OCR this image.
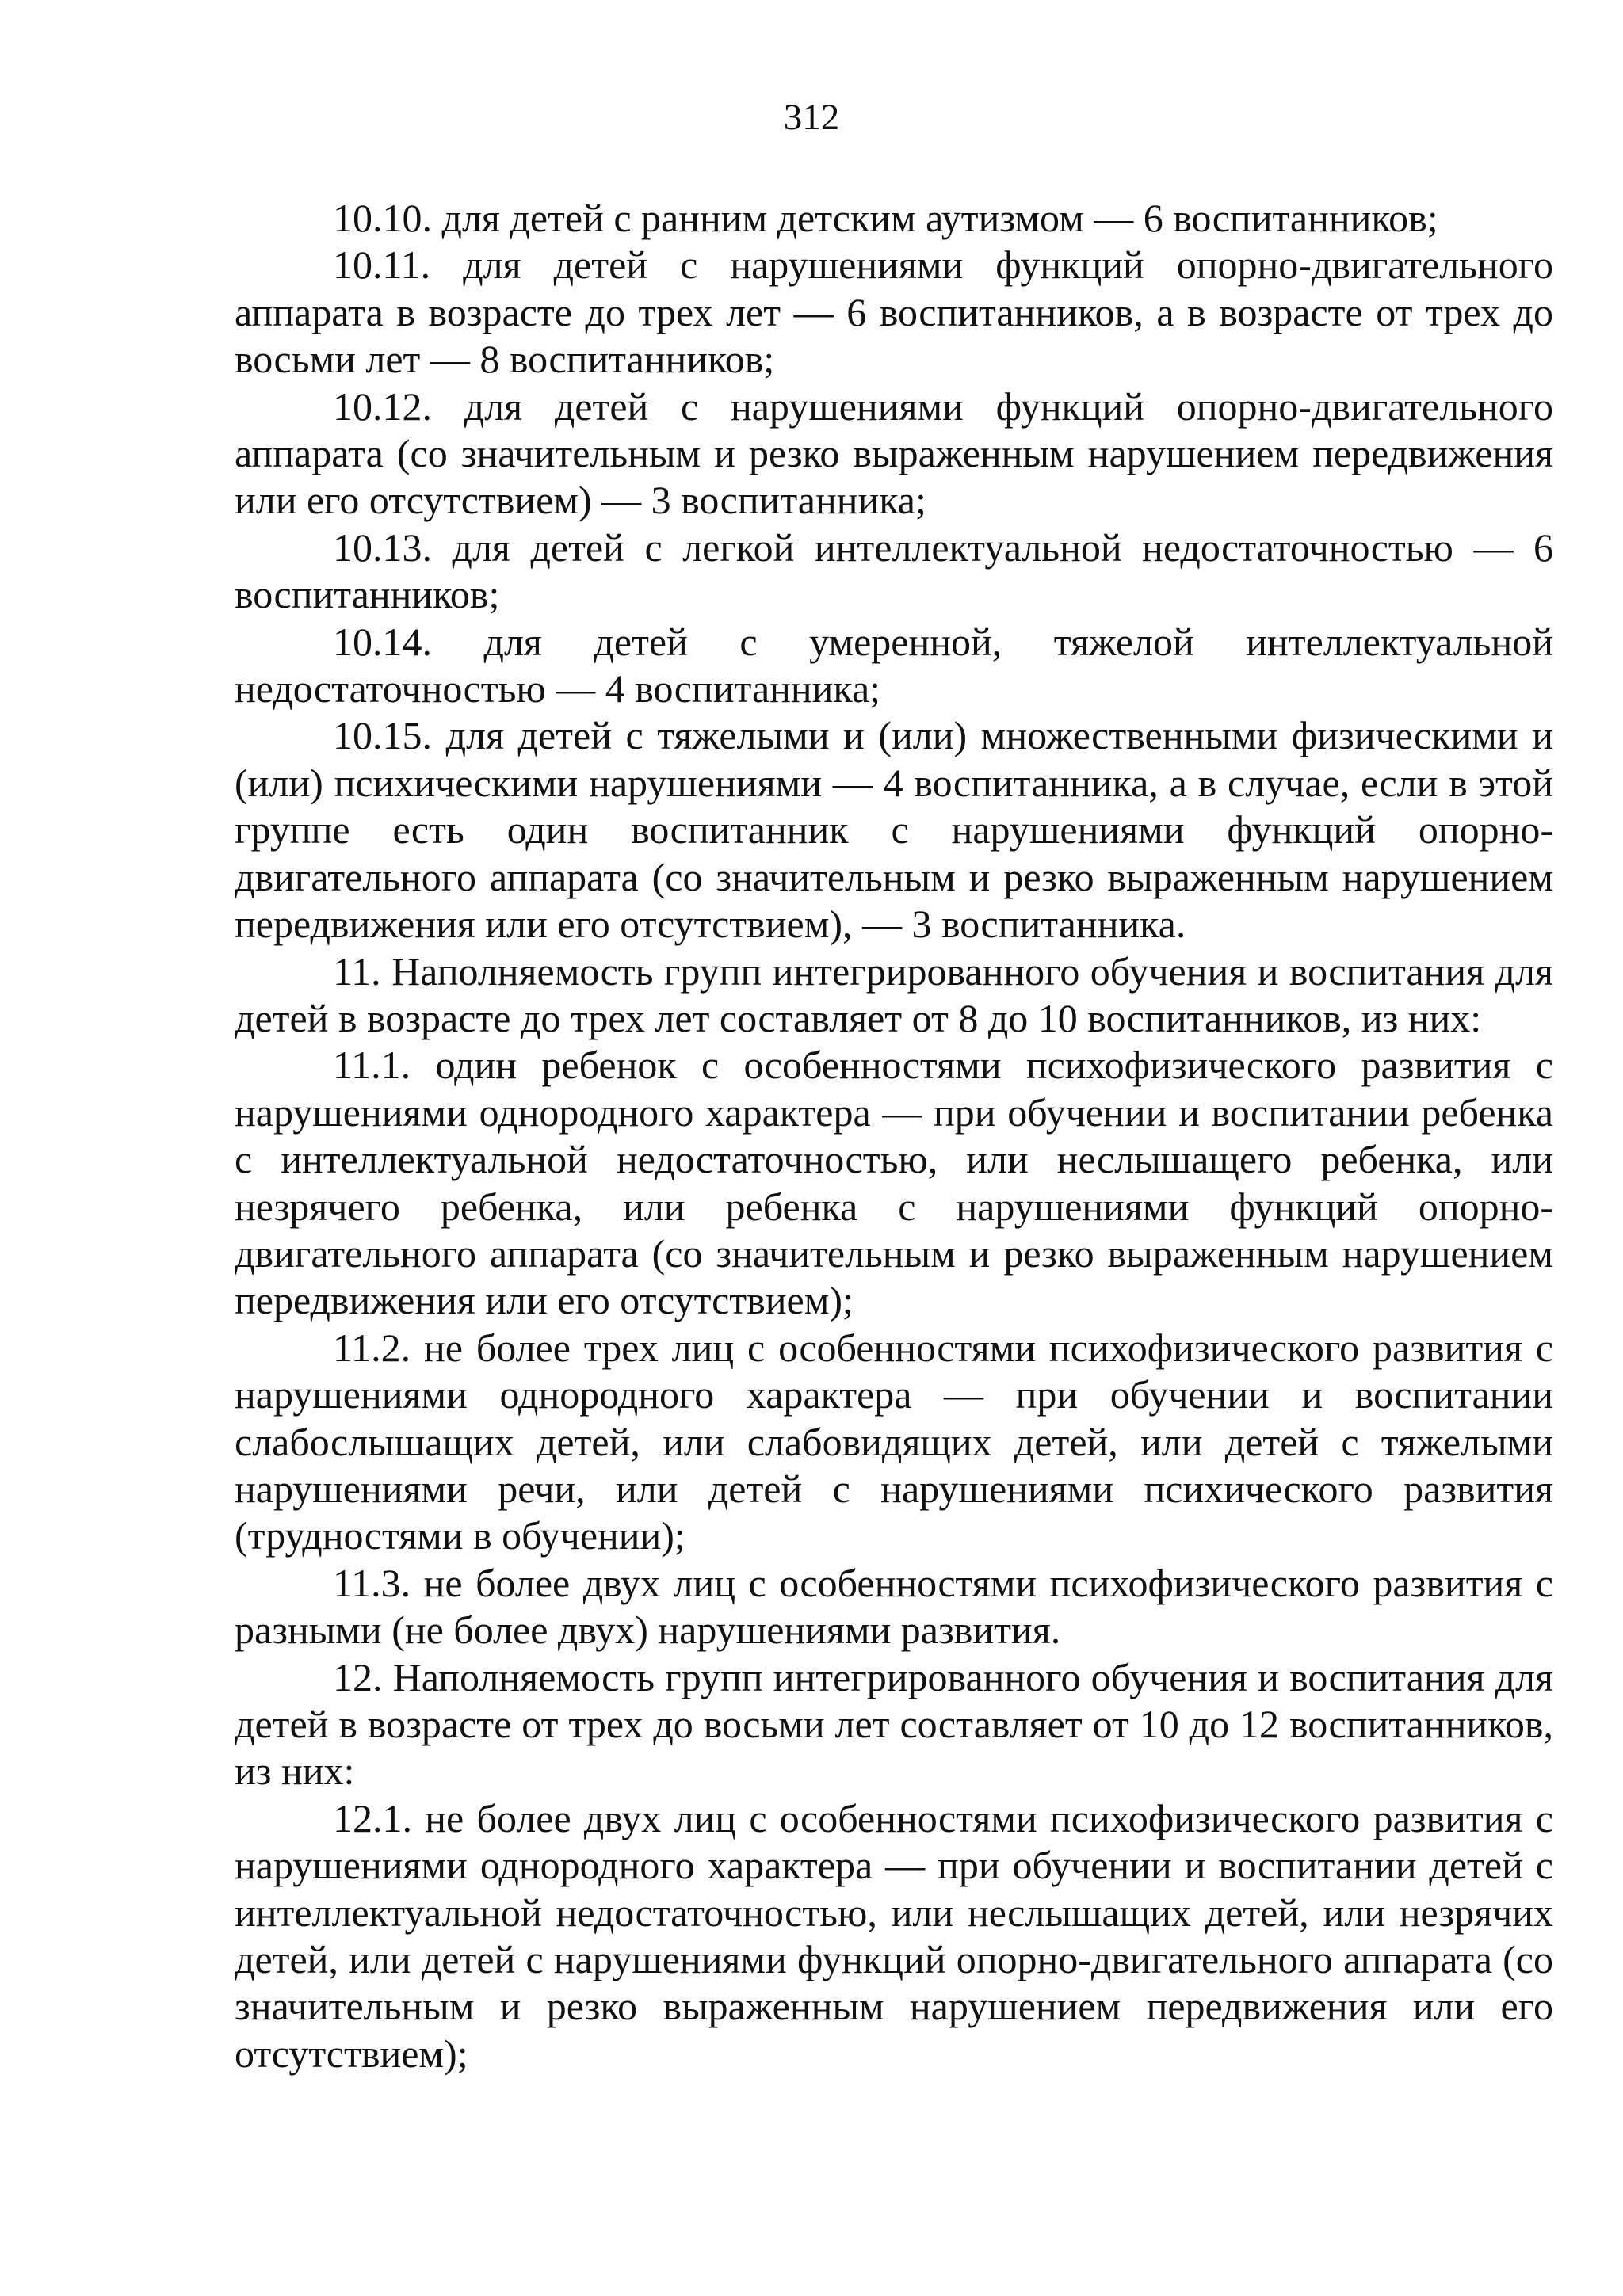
312

10.10. для детей с ранним детским аутизмом — 6 воспитанников;

10.11. для детей с нарушениями функций опорно-двигательного аппарата в возрасте до трех лет — 6 воспитанников, а в возрасте от трех до восьми лет — 8 воспитанников;

10.12. для детей с нарушениями функций опорно-двигательного аппарата (со значительным и резко выраженным нарушением передвижения или его отсутствием) — 3 воспитанника;

10.13. для детей с легкой интеллектуальной недостаточностью — 6 воспитанников;

10.14. для детей с умеренной, тяжелой интеллектуальной недостаточностью — 4 воспитанника;

10.15. для детей с тяжелыми и (или) множественными физическими и (или) психическими нарушениями — 4 воспитанника, а в случае, если в этой группе есть один воспитанник с нарушениями функций опорно-двигательного аппарата (со значительным и резко выраженным нарушением передвижения или его отсутствием), — 3 воспитанника.

11. Наполняемость групп интегрированного обучения и воспитания для детей в возрасте до трех лет составляет от 8 до 10 воспитанников, из них:

11.1. один ребенок с особенностями психофизического развития с нарушениями однородного характера — при обучении и воспитании ребенка с интеллектуальной недостаточностью, или неслышащего ребенка, или незрячего ребенка, или ребенка с нарушениями функций опорно-двигательного аппарата (со значительным и резко выраженным нарушением передвижения или его отсутствием);

11.2. не более трех лиц с особенностями психофизического развития с нарушениями однородного характера — при обучении и воспитании слабослышащих детей, или слабовидящих детей, или детей с тяжелыми нарушениями речи, или детей с нарушениями психического развития (трудностями в обучении);

11.3. не более двух лиц с особенностями психофизического развития с разными (не более двух) нарушениями развития.

12. Наполняемость групп интегрированного обучения и воспитания для детей в возрасте от трех до восьми лет составляет от 10 до 12 воспитанников, из них:

12.1. не более двух лиц с особенностями психофизического развития с нарушениями однородного характера — при обучении и воспитании детей с интеллектуальной недостаточностью, или неслышащих детей, или незрячих детей, или детей с нарушениями функций опорно-двигательного аппарата (со значительным и резко выраженным нарушением передвижения или его отсутствием);
